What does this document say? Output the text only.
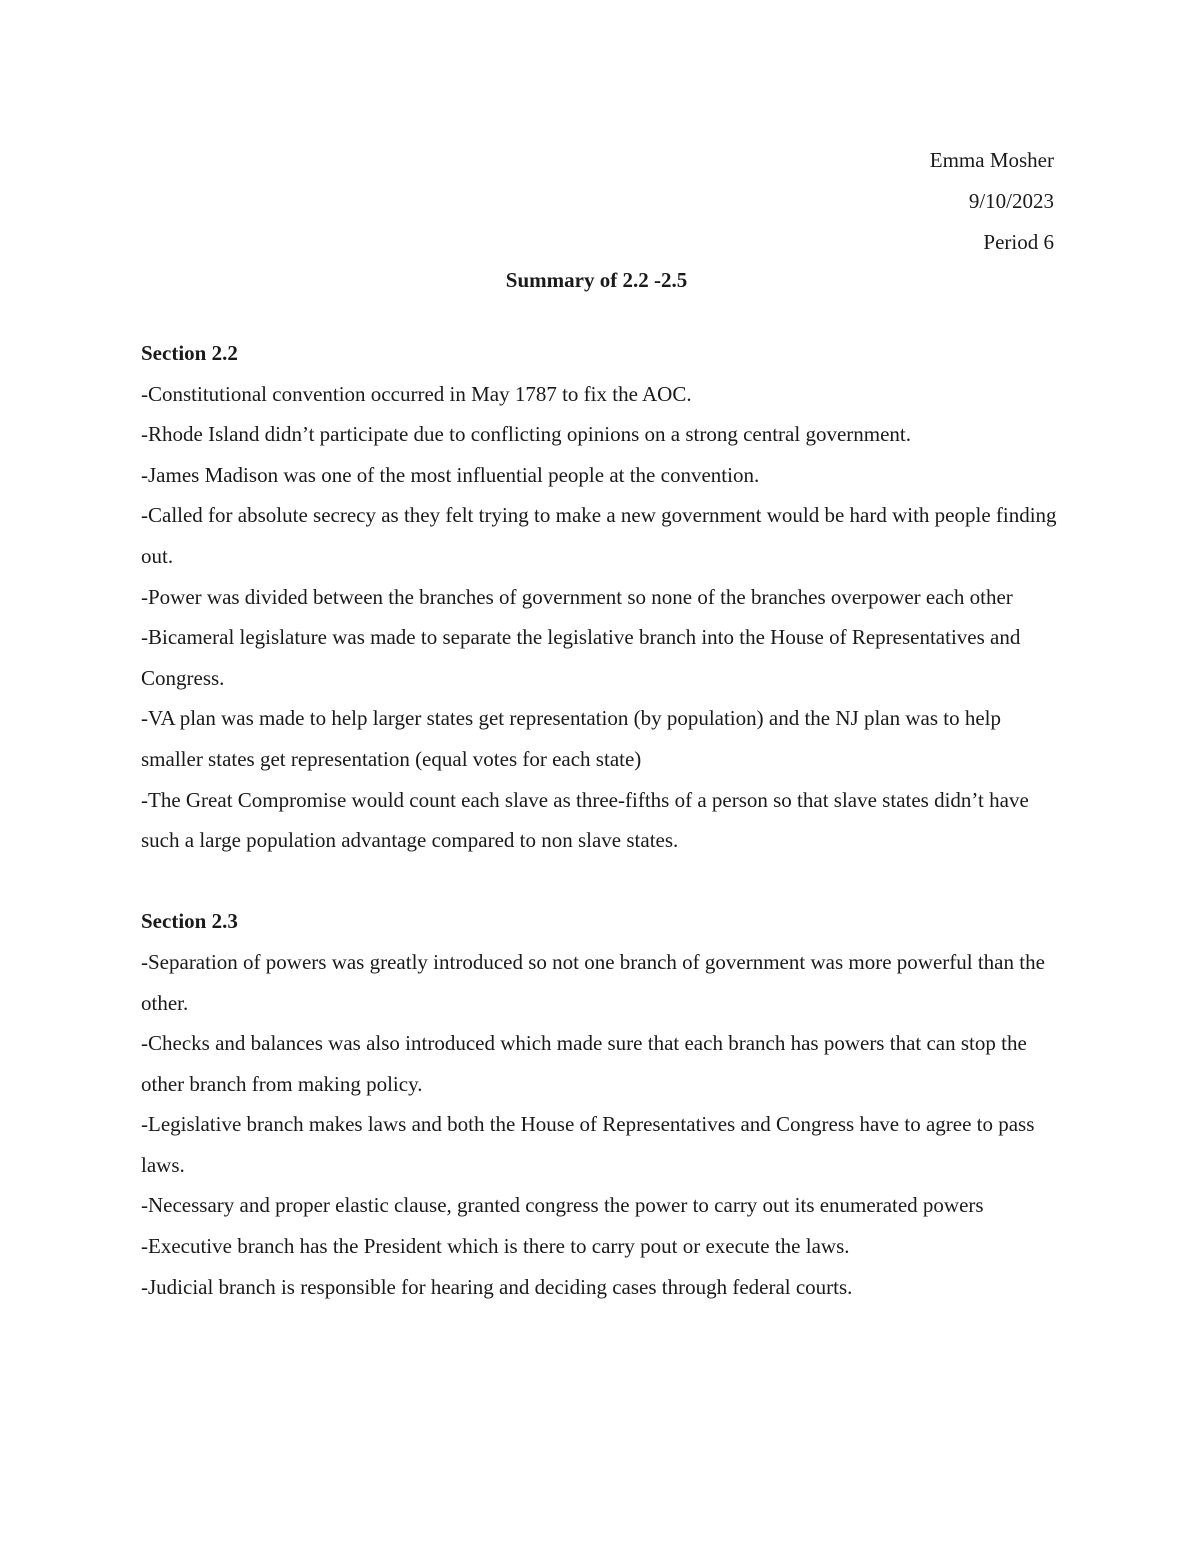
Emma Mosher
9/10/2023
Period 6
Summary of 2.2 -2.5
Section 2.2

-Constitutional convention occurred in May 1787 to fix the AOC.

-Rhode Island didn’t participate due to conflicting opinions on a strong central government.

-James Madison was one of the most influential people at the convention.

-Called for absolute secrecy as they felt trying to make a new government would be hard with people finding out.

-Power was divided between the branches of government so none of the branches overpower each other

-Bicameral legislature was made to separate the legislative branch into the House of Representatives and Congress.

-VA plan was made to help larger states get representation (by population) and the NJ plan was to help smaller states get representation (equal votes for each state)

-The Great Compromise would count each slave as three-fifths of a person so that slave states didn’t have such a large population advantage compared to non slave states.

Section 2.3

-Separation of powers was greatly introduced so not one branch of government was more powerful than the other.

-Checks and balances was also introduced which made sure that each branch has powers that can stop the other branch from making policy.

-Legislative branch makes laws and both the House of Representatives and Congress have to agree to pass laws.

-Necessary and proper elastic clause, granted congress the power to carry out its enumerated powers

-Executive branch has the President which is there to carry pout or execute the laws.

-Judicial branch is responsible for hearing and deciding cases through federal courts.
